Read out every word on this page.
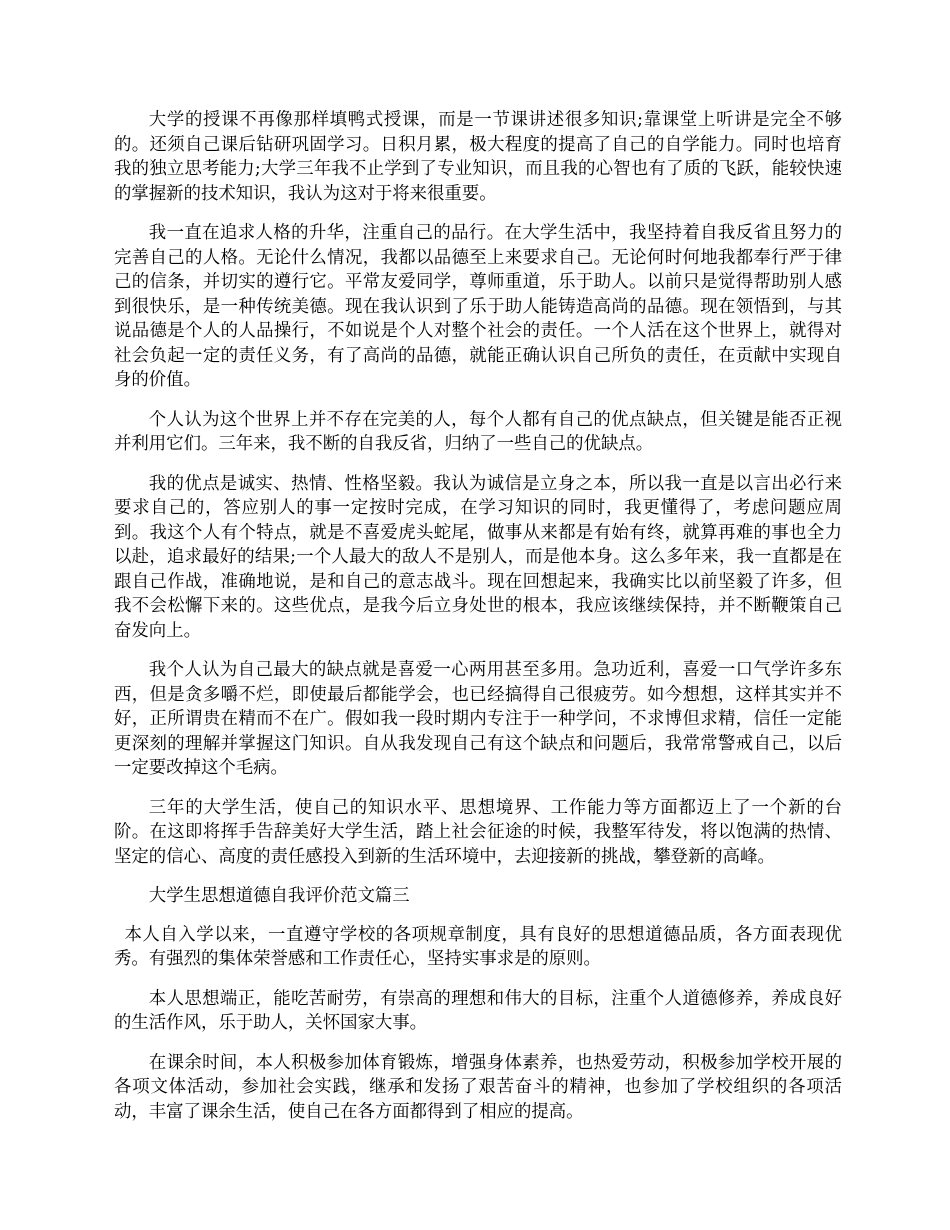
大学的授课不再像那样填鸭式授课，而是一节课讲述很多知识;靠课堂上听讲是完全不够的。还须自己课后钻研巩固学习。日积月累，极大程度的提高了自己的自学能力。同时也培育我的独立思考能力;大学三年我不止学到了专业知识，而且我的心智也有了质的飞跃，能较快速的掌握新的技术知识，我认为这对于将来很重要。

我一直在追求人格的升华，注重自己的品行。在大学生活中，我坚持着自我反省且努力的完善自己的人格。无论什么情况，我都以品德至上来要求自己。无论何时何地我都奉行严于律己的信条，并切实的遵行它。平常友爱同学，尊师重道，乐于助人。以前只是觉得帮助别人感到很快乐，是一种传统美德。现在我认识到了乐于助人能铸造高尚的品德。现在领悟到，与其说品德是个人的人品操行，不如说是个人对整个社会的责任。一个人活在这个世界上，就得对社会负起一定的责任义务，有了高尚的品德，就能正确认识自己所负的责任，在贡献中实现自身的价值。

个人认为这个世界上并不存在完美的人，每个人都有自己的优点缺点，但关键是能否正视并利用它们。三年来，我不断的自我反省，归纳了一些自己的优缺点。

我的优点是诚实、热情、性格坚毅。我认为诚信是立身之本，所以我一直是以言出必行来要求自己的，答应别人的事一定按时完成，在学习知识的同时，我更懂得了，考虑问题应周到。我这个人有个特点，就是不喜爱虎头蛇尾，做事从来都是有始有终，就算再难的事也全力以赴，追求最好的结果;一个人最大的敌人不是别人，而是他本身。这么多年来，我一直都是在跟自己作战，准确地说，是和自己的意志战斗。现在回想起来，我确实比以前坚毅了许多，但我不会松懈下来的。这些优点，是我今后立身处世的根本，我应该继续保持，并不断鞭策自己奋发向上。

我个人认为自己最大的缺点就是喜爱一心两用甚至多用。急功近利，喜爱一口气学许多东西，但是贪多嚼不烂，即使最后都能学会，也已经搞得自己很疲劳。如今想想，这样其实并不好，正所谓贵在精而不在广。假如我一段时期内专注于一种学问，不求博但求精，信任一定能更深刻的理解并掌握这门知识。自从我发现自己有这个缺点和问题后，我常常警戒自己，以后一定要改掉这个毛病。

三年的大学生活，使自己的知识水平、思想境界、工作能力等方面都迈上了一个新的台阶。在这即将挥手告辞美好大学生活，踏上社会征途的时候，我整军待发，将以饱满的热情、坚定的信心、高度的责任感投入到新的生活环境中，去迎接新的挑战，攀登新的高峰。

大学生思想道德自我评价范文篇三

本人自入学以来，一直遵守学校的各项规章制度，具有良好的思想道德品质，各方面表现优秀。有强烈的集体荣誉感和工作责任心，坚持实事求是的原则。

本人思想端正，能吃苦耐劳，有崇高的理想和伟大的目标，注重个人道德修养，养成良好的生活作风，乐于助人，关怀国家大事。

在课余时间，本人积极参加体育锻炼，增强身体素养，也热爱劳动，积极参加学校开展的各项文体活动，参加社会实践，继承和发扬了艰苦奋斗的精神，也参加了学校组织的各项活动，丰富了课余生活，使自己在各方面都得到了相应的提高。
